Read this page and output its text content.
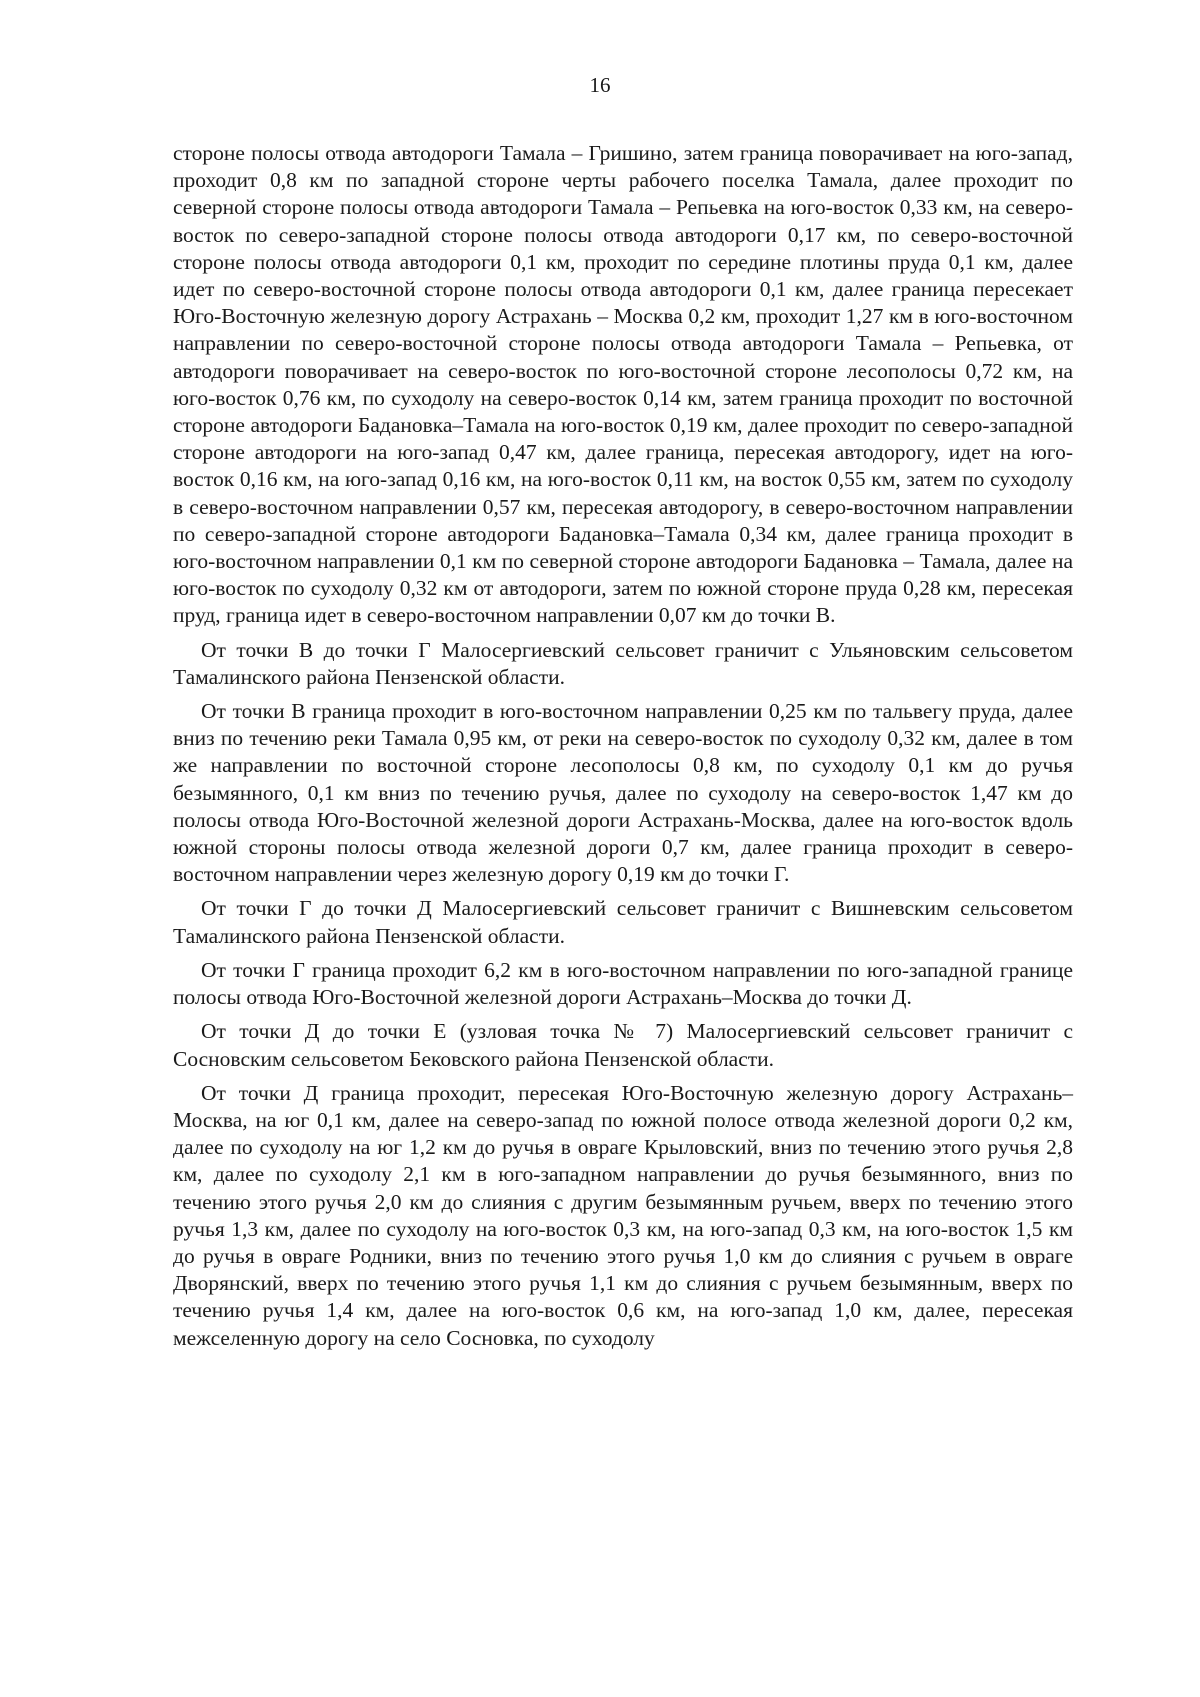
16

стороне полосы отвода автодороги Тамала – Гришино, затем граница поворачивает на юго-запад, проходит 0,8 км по западной стороне черты рабочего поселка Тамала, далее проходит по северной стороне полосы отвода автодороги Тамала – Репьевка на юго-восток 0,33 км, на северо-восток по северо-западной стороне полосы отвода автодороги 0,17 км, по северо-восточной стороне полосы отвода автодороги 0,1 км, проходит по середине плотины пруда 0,1 км, далее идет по северо-восточной стороне полосы отвода автодороги 0,1 км, далее граница пересекает Юго-Восточную железную дорогу Астрахань – Москва 0,2 км, проходит 1,27 км в юго-восточном направлении по северо-восточной стороне полосы отвода автодороги Тамала – Репьевка, от автодороги поворачивает на северо-восток по юго-восточной стороне лесополосы 0,72 км, на юго-восток 0,76 км, по суходолу на северо-восток 0,14 км, затем граница проходит по восточной стороне автодороги Бадановка–Тамала на юго-восток 0,19 км, далее проходит по северо-западной стороне автодороги на юго-запад 0,47 км, далее граница, пересекая автодорогу, идет на юго-восток 0,16 км, на юго-запад 0,16 км, на юго-восток 0,11 км, на восток 0,55 км, затем по суходолу в северо-восточном направлении 0,57 км, пересекая автодорогу, в северо-восточном направлении по северо-западной стороне автодороги Бадановка–Тамала 0,34 км, далее граница проходит в юго-восточном направлении 0,1 км по северной стороне автодороги Бадановка – Тамала, далее на юго-восток по суходолу 0,32 км от автодороги, затем по южной стороне пруда 0,28 км, пересекая пруд, граница идет в северо-восточном направлении 0,07 км до точки В.

От точки В до точки Г Малосергиевский сельсовет граничит с Ульяновским сельсоветом Тамалинского района Пензенской области.

От точки В граница проходит в юго-восточном направлении 0,25 км по тальвегу пруда, далее вниз по течению реки Тамала 0,95 км, от реки на северо-восток по суходолу 0,32 км, далее в том же направлении по восточной стороне лесополосы 0,8 км, по суходолу 0,1 км до ручья безымянного, 0,1 км вниз по течению ручья, далее по суходолу на северо-восток 1,47 км до полосы отвода Юго-Восточной железной дороги Астрахань-Москва, далее на юго-восток вдоль южной стороны полосы отвода железной дороги 0,7 км, далее граница проходит в северо-восточном направлении через железную дорогу 0,19 км до точки Г.

От точки Г до точки Д Малосергиевский сельсовет граничит с Вишневским сельсоветом Тамалинского района Пензенской области.

От точки Г граница проходит 6,2 км в юго-восточном направлении по юго-западной границе полосы отвода Юго-Восточной железной дороги Астрахань–Москва до точки Д.

От точки Д до точки Е (узловая точка № 7) Малосергиевский сельсовет граничит с Сосновским сельсоветом Бековского района Пензенской области.

От точки Д граница проходит, пересекая Юго-Восточную железную дорогу Астрахань–Москва, на юг 0,1 км, далее на северо-запад по южной полосе отвода железной дороги 0,2 км, далее по суходолу на юг 1,2 км до ручья в овраге Крыловский, вниз по течению этого ручья 2,8 км, далее по суходолу 2,1 км в юго-западном направлении до ручья безымянного, вниз по течению этого ручья 2,0 км до слияния с другим безымянным ручьем, вверх по течению этого ручья 1,3 км, далее по суходолу на юго-восток 0,3 км, на юго-запад 0,3 км, на юго-восток 1,5 км до ручья в овраге Родники, вниз по течению этого ручья 1,0 км до слияния с ручьем в овраге Дворянский, вверх по течению этого ручья 1,1 км до слияния с ручьем безымянным, вверх по течению ручья 1,4 км, далее на юго-восток 0,6 км, на юго-запад 1,0 км, далее, пересекая межселенную дорогу на село Сосновка, по суходолу
